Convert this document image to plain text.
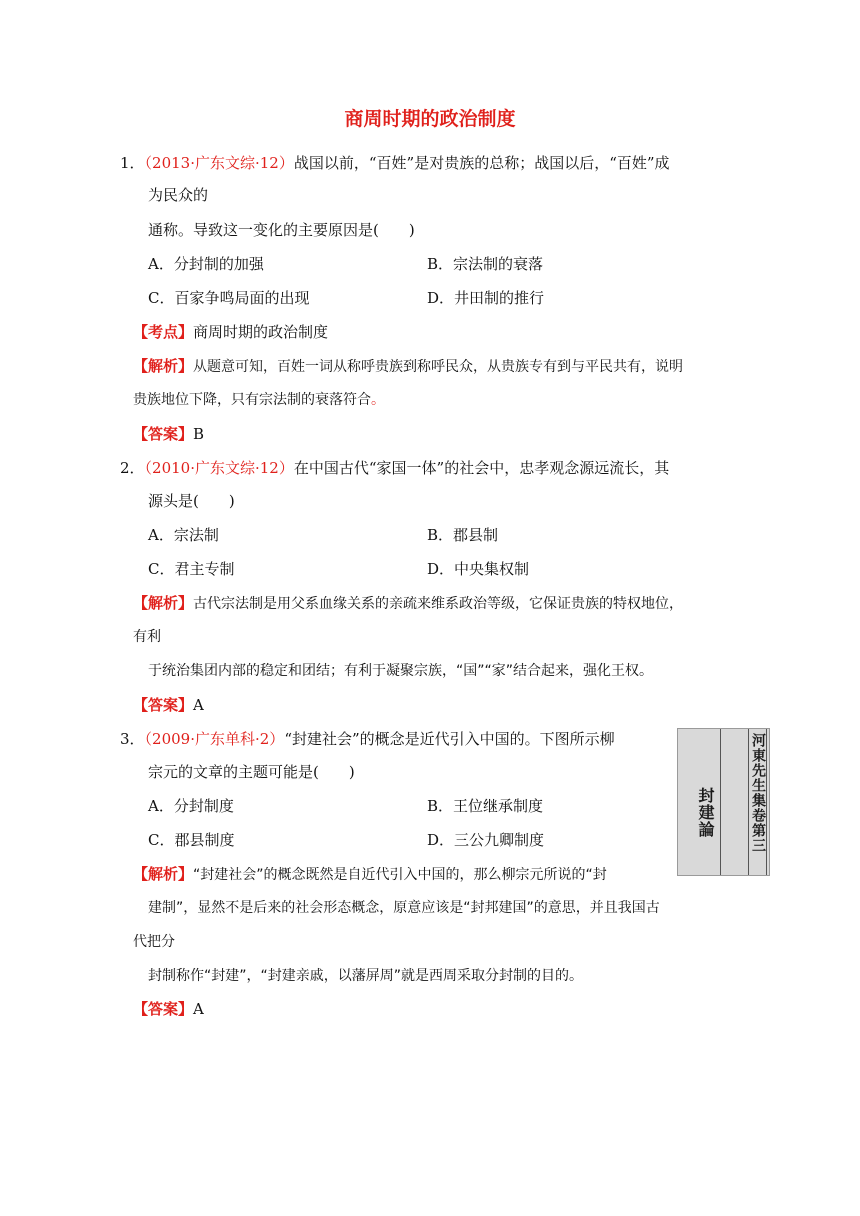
商周时期的政治制度
1．（2013·广东文综·12）战国以前，“百姓”是对贵族的总称；战国以后，“百姓”成
为民众的
通称。导致这一变化的主要原因是(　　)
A．分封制的加强	B．宗法制的衰落
C．百家争鸣局面的出现	D．井田制的推行
【考点】商周时期的政治制度
【解析】从题意可知，百姓一词从称呼贵族到称呼民众，从贵族专有到与平民共有，说明
贵族地位下降，只有宗法制的衰落符合。
【答案】B
2．（2010·广东文综·12）在中国古代“家国一体”的社会中，忠孝观念源远流长，其
源头是(　　)
A．宗法制	B．郡县制
C．君主专制	D．中央集权制
【解析】古代宗法制是用父系血缘关系的亲疏来维系政治等级，它保证贵族的特权地位，
有利
于统治集团内部的稳定和团结；有利于凝聚宗族，“国”“家”结合起来，强化王权。
【答案】A
3．（2009·广东单科·2）“封建社会”的概念是近代引入中国的。下图所示柳
宗元的文章的主题可能是(　　)
A．分封制度	B．王位继承制度
C．郡县制度	D．三公九卿制度	河東先生集卷第三
封建論
【解析】“封建社会”的概念既然是自近代引入中国的，那么柳宗元所说的“封
建制”，显然不是后来的社会形态概念，原意应该是“封邦建国”的意思，并且我国古
代把分
封制称作“封建”，“封建亲戚，以藩屏周”就是西周采取分封制的目的。
【答案】A
